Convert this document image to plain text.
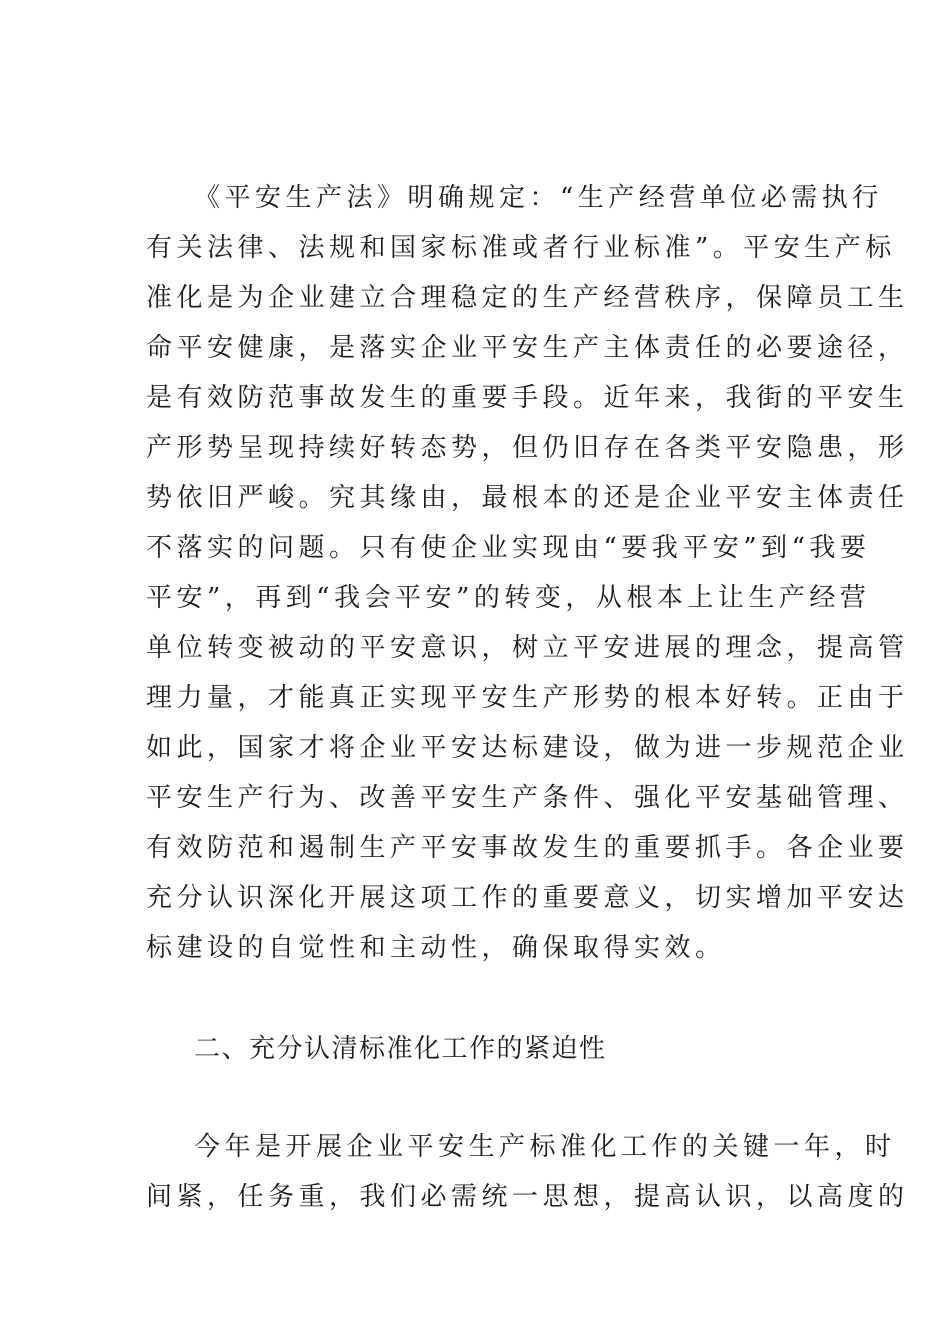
《平安生产法》明确规定：“生产经营单位必需执行
有关法律、法规和国家标准或者行业标准”。平安生产标
准化是为企业建立合理稳定的生产经营秩序，保障员工生
命平安健康，是落实企业平安生产主体责任的必要途径，
是有效防范事故发生的重要手段。近年来，我街的平安生
产形势呈现持续好转态势，但仍旧存在各类平安隐患，形
势依旧严峻。究其缘由，最根本的还是企业平安主体责任
不落实的问题。只有使企业实现由“要我平安”到“我要
平安”，再到“我会平安”的转变，从根本上让生产经营
单位转变被动的平安意识，树立平安进展的理念，提高管
理力量，才能真正实现平安生产形势的根本好转。正由于
如此，国家才将企业平安达标建设，做为进一步规范企业
平安生产行为、改善平安生产条件、强化平安基础管理、
有效防范和遏制生产平安事故发生的重要抓手。各企业要
充分认识深化开展这项工作的重要意义，切实增加平安达
标建设的自觉性和主动性，确保取得实效。
二、充分认清标准化工作的紧迫性
今年是开展企业平安生产标准化工作的关键一年，时
间紧，任务重，我们必需统一思想，提高认识，以高度的
